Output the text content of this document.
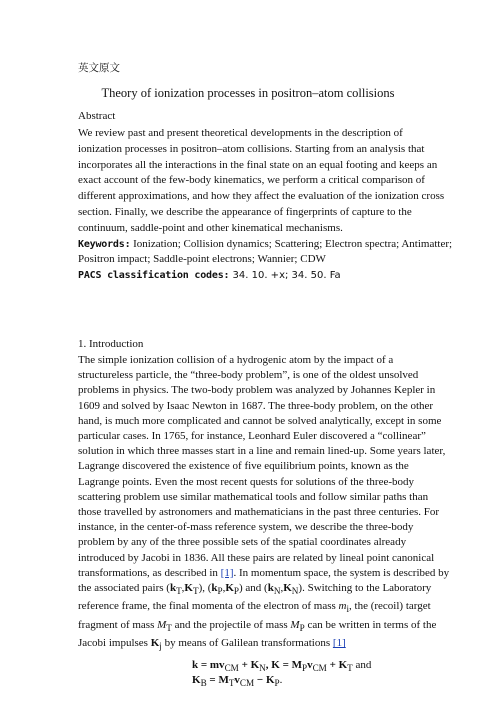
英文原文
Theory of ionization processes in positron–atom collisions
Abstract
We review past and present theoretical developments in the description of
ionization processes in positron–atom collisions. Starting from an analysis that
incorporates all the interactions in the final state on an equal footing and keeps an
exact account of the few-body kinematics, we perform a critical comparison of
different approximations, and how they affect the evaluation of the ionization cross
section. Finally, we describe the appearance of fingerprints of capture to the
continuum, saddle-point and other kinematical mechanisms.
Keywords: Ionization; Collision dynamics; Scattering; Electron spectra; Antimatter;
Positron impact; Saddle-point electrons; Wannier; CDW
PACS classification codes: 34. 10. +x; 34. 50. Fa
1. Introduction
The simple ionization collision of a hydrogenic atom by the impact of a
structureless particle, the “three-body problem”, is one of the oldest unsolved
problems in physics. The two-body problem was analyzed by Johannes Kepler in
1609 and solved by Isaac Newton in 1687. The three-body problem, on the other
hand, is much more complicated and cannot be solved analytically, except in some
particular cases. In 1765, for instance, Leonhard Euler discovered a “collinear”
solution in which three masses start in a line and remain lined-up. Some years later,
Lagrange discovered the existence of five equilibrium points, known as the
Lagrange points. Even the most recent quests for solutions of the three-body
scattering problem use similar mathematical tools and follow similar paths than
those travelled by astronomers and mathematicians in the past three centuries. For
instance, in the center-of-mass reference system, we describe the three-body
problem by any of the three possible sets of the spatial coordinates already
introduced by Jacobi in 1836. All these pairs are related by lineal point canonical
transformations, as described in [1]. In momentum space, the system is described by
the associated pairs $(k_T,K_T)$, $(k_P,K_P)$ and $(k_N,K_N)$. Switching to the Laboratory
reference frame, the final momenta of the electron of mass $m_i$, the (recoil) target
fragment of mass $M_T$ and the projectile of mass $M_P$ can be written in terms of the
Jacobi impulses $K_j$ by means of Galilean transformations [1]
$k = mv_{CM} + K_N$, $K = M_Pv_{CM} + K_T$ and
$K_B = M_Tv_{CM} - K_P$.
